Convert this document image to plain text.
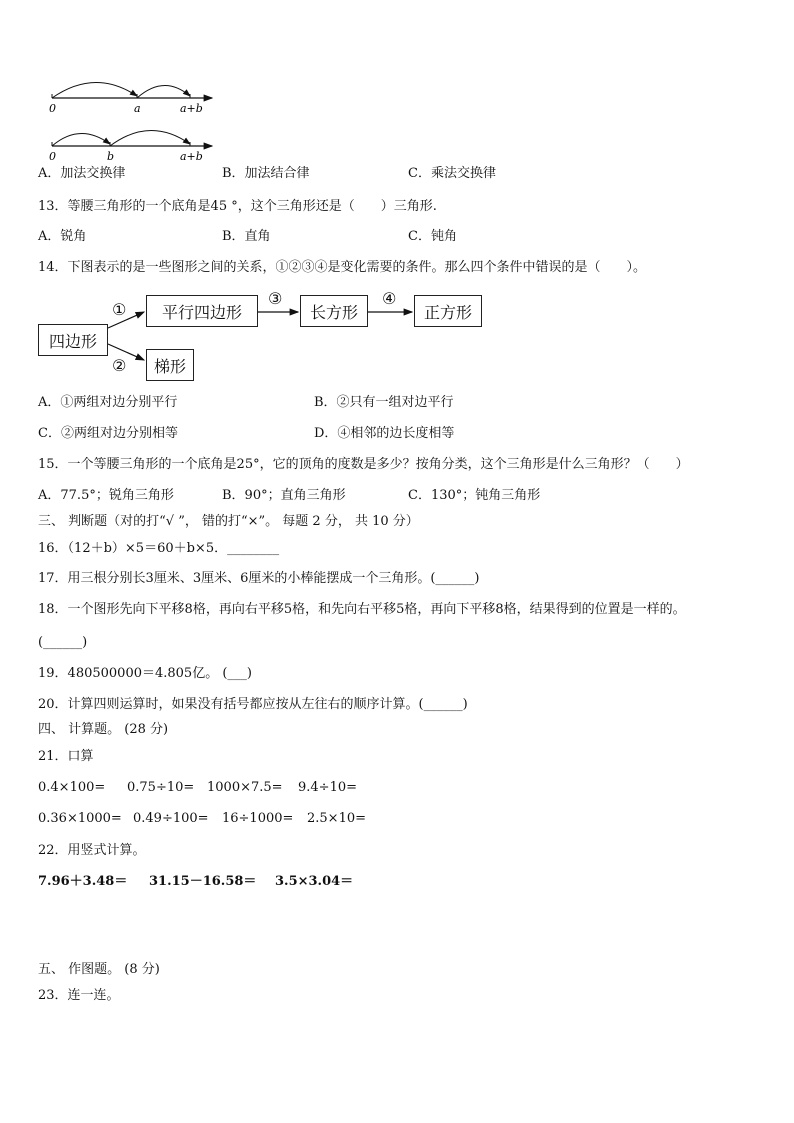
0	a	a+b
0	b	a+b
A．加法交换律	B．加法结合律	C．乘法交换律
13．等腰三角形的一个底角是45 °，这个三角形还是（　　）三角形.
A．锐角	B．直角	C．钝角
14．下图表示的是一些图形之间的关系，①②③④是变化需要的条件。那么四个条件中错误的是（　　）。
四边形
平行四边形	长方形	正方形
梯形
①
②
③	④
A．①两组对边分别平行	B．②只有一组对边平行
C．②两组对边分别相等	D．④相邻的边长度相等
15．一个等腰三角形的一个底角是25°，它的顶角的度数是多少？按角分类，这个三角形是什么三角形？（　　）
A．77.5°；锐角三角形	B．90°；直角三角形	C．130°；钝角三角形
三、 判断题（对的打“√ ”， 错的打“×”。 每题 2 分， 共 10 分）
16．（12＋b）×5＝60＋b×5．________
17．用三根分别长3厘米、3厘米、6厘米的小棒能摆成一个三角形。(______)
18．一个图形先向下平移8格，再向右平移5格，和先向右平移5格，再向下平移8格，结果得到的位置是一样的。
(______)
19．480500000＝4.805亿。 (___)
20．计算四则运算时，如果没有括号都应按从左往右的顺序计算。(______)
四、 计算题。 (28 分)
21．口算
0.4×100= 0.75÷10= 1000×7.5= 9.4÷10=
0.36×1000= 0.49÷100= 16÷1000= 2.5×10=
22．用竖式计算。
7.96＋3.48＝ 31.15－16.58＝ 3.5×3.04＝
五、 作图题。 (8 分)
23．连一连。
